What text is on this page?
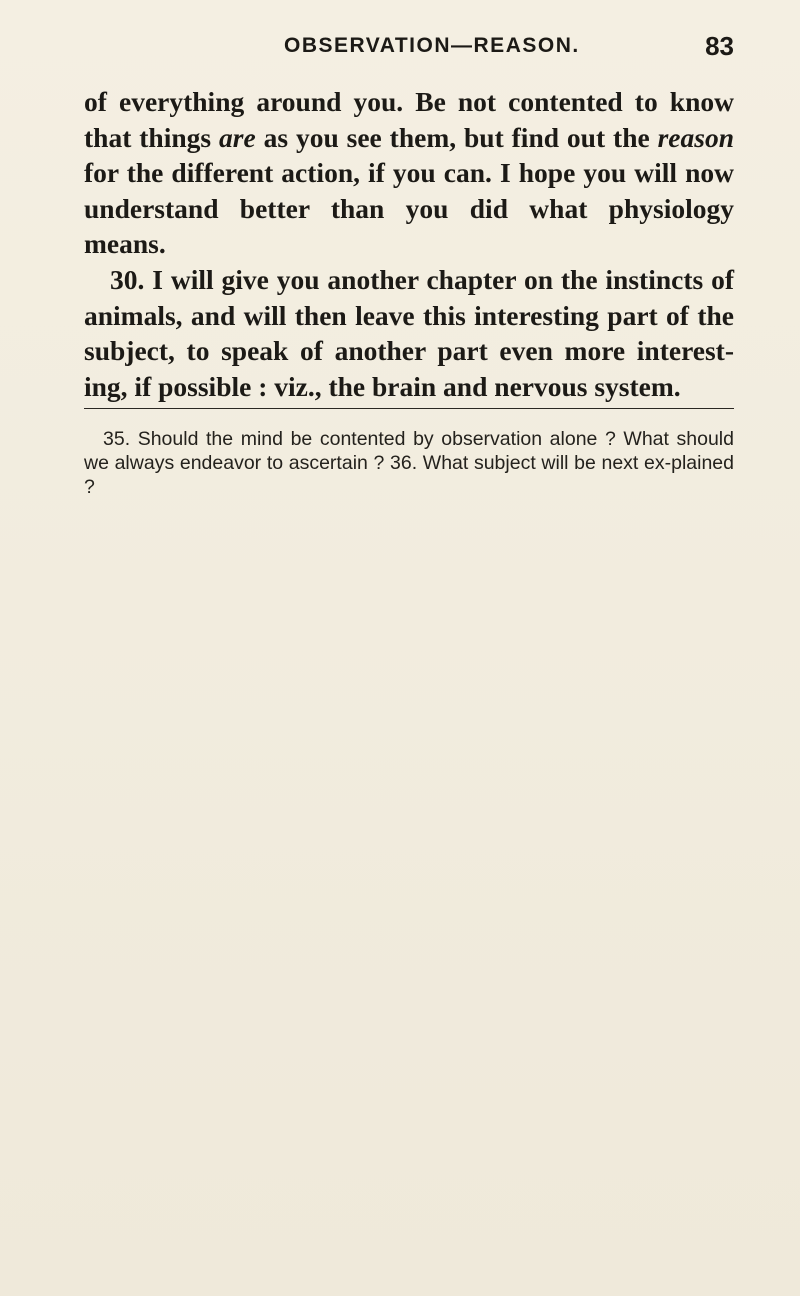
OBSERVATION—REASON.	83

of everything around you. Be not contented to know that things are as you see them, but find out the reason for the different action, if you can. I hope you will now understand better than you did what physiology means.

30. I will give you another chapter on the instincts of animals, and will then leave this interesting part of the subject, to speak of another part even more interest-ing, if possible : viz., the brain and nervous system.

35. Should the mind be contented by observation alone ? What should we always endeavor to ascertain ? 36. What subject will be next ex-plained ?
